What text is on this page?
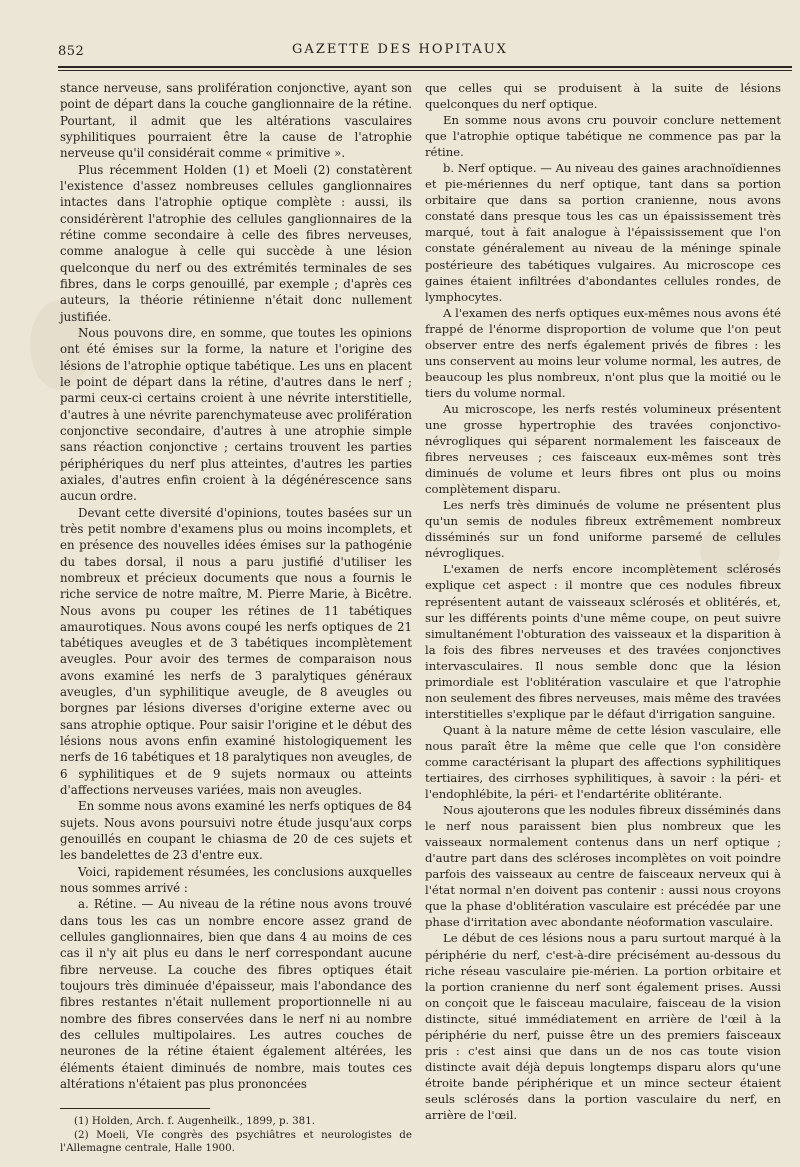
852	GAZETTE DES HOPITAUX

stance nerveuse, sans prolifération conjonctive, ayant son point de départ dans la couche ganglionnaire de la rétine. Pourtant, il admit que les altérations vasculaires syphilitiques pourraient être la cause de l'atrophie nerveuse qu'il considérait comme « primitive ».

Plus récemment Holden (1) et Moeli (2) constatèrent l'existence d'assez nombreuses cellules ganglionnaires intactes dans l'atrophie optique complète : aussi, ils considérèrent l'atrophie des cellules ganglionnaires de la rétine comme secondaire à celle des fibres nerveuses, comme analogue à celle qui succède à une lésion quelconque du nerf ou des extrémités terminales de ses fibres, dans le corps genouillé, par exemple ; d'après ces auteurs, la théorie rétinienne n'était donc nullement justifiée.

Nous pouvons dire, en somme, que toutes les opinions ont été émises sur la forme, la nature et l'origine des lésions de l'atrophie optique tabétique. Les uns en placent le point de départ dans la rétine, d'autres dans le nerf ; parmi ceux-ci certains croient à une névrite interstitielle, d'autres à une névrite parenchymateuse avec prolifération conjonctive secondaire, d'autres à une atrophie simple sans réaction conjonctive ; certains trouvent les parties périphériques du nerf plus atteintes, d'autres les parties axiales, d'autres enfin croient à la dégénérescence sans aucun ordre.

Devant cette diversité d'opinions, toutes basées sur un très petit nombre d'examens plus ou moins incomplets, et en présence des nouvelles idées émises sur la pathogénie du tabes dorsal, il nous a paru justifié d'utiliser les nombreux et précieux documents que nous a fournis le riche service de notre maître, M. Pierre Marie, à Bicêtre. Nous avons pu couper les rétines de 11 tabétiques amaurotiques. Nous avons coupé les nerfs optiques de 21 tabétiques aveugles et de 3 tabétiques incomplètement aveugles. Pour avoir des termes de comparaison nous avons examiné les nerfs de 3 paralytiques généraux aveugles, d'un syphilitique aveugle, de 8 aveugles ou borgnes par lésions diverses d'origine externe avec ou sans atrophie optique. Pour saisir l'origine et le début des lésions nous avons enfin examiné histologiquement les nerfs de 16 tabétiques et 18 paralytiques non aveugles, de 6 syphilitiques et de 9 sujets normaux ou atteints d'affections nerveuses variées, mais non aveugles.

En somme nous avons examiné les nerfs optiques de 84 sujets. Nous avons poursuivi notre étude jusqu'aux corps genouillés en coupant le chiasma de 20 de ces sujets et les bandelettes de 23 d'entre eux.

Voici, rapidement résumées, les conclusions auxquelles nous sommes arrivé :

a. Rétine. — Au niveau de la rétine nous avons trouvé dans tous les cas un nombre encore assez grand de cellules ganglionnaires, bien que dans 4 au moins de ces cas il n'y ait plus eu dans le nerf correspondant aucune fibre nerveuse. La couche des fibres optiques était toujours très diminuée d'épaisseur, mais l'abondance des fibres restantes n'était nullement proportionnelle ni au nombre des fibres conservées dans le nerf ni au nombre des cellules multipolaires. Les autres couches de neurones de la rétine étaient également altérées, les éléments étaient diminués de nombre, mais toutes ces altérations n'étaient pas plus prononcées

(1) Holden, Arch. f. Augenheilk., 1899, p. 381.
(2) Moeli, VIe congrès des psychiâtres et neurologistes de l'Allemagne centrale, Halle 1900.

que celles qui se produisent à la suite de lésions quelconques du nerf optique.

En somme nous avons cru pouvoir conclure nettement que l'atrophie optique tabétique ne commence pas par la rétine.

b. Nerf optique. — Au niveau des gaines arachnoïdiennes et pie-mériennes du nerf optique, tant dans sa portion orbitaire que dans sa portion cranienne, nous avons constaté dans presque tous les cas un épaississement très marqué, tout à fait analogue à l'épaississement que l'on constate généralement au niveau de la méninge spinale postérieure des tabétiques vulgaires. Au microscope ces gaines étaient infiltrées d'abondantes cellules rondes, de lymphocytes.

A l'examen des nerfs optiques eux-mêmes nous avons été frappé de l'énorme disproportion de volume que l'on peut observer entre des nerfs également privés de fibres : les uns conservent au moins leur volume normal, les autres, de beaucoup les plus nombreux, n'ont plus que la moitié ou le tiers du volume normal.

Au microscope, les nerfs restés volumineux présentent une grosse hypertrophie des travées conjonctivo-névrogliques qui séparent normalement les faisceaux de fibres nerveuses ; ces faisceaux eux-mêmes sont très diminués de volume et leurs fibres ont plus ou moins complètement disparu.

Les nerfs très diminués de volume ne présentent plus qu'un semis de nodules fibreux extrêmement nombreux disséminés sur un fond uniforme parsemé de cellules névrogliques.

L'examen de nerfs encore incomplètement sclérosés explique cet aspect : il montre que ces nodules fibreux représentent autant de vaisseaux sclérosés et oblitérés, et, sur les différents points d'une même coupe, on peut suivre simultanément l'obturation des vaisseaux et la disparition à la fois des fibres nerveuses et des travées conjonctives intervasculaires. Il nous semble donc que la lésion primordiale est l'oblitération vasculaire et que l'atrophie non seulement des fibres nerveuses, mais même des travées interstitielles s'explique par le défaut d'irrigation sanguine.

Quant à la nature même de cette lésion vasculaire, elle nous paraît être la même que celle que l'on considère comme caractérisant la plupart des affections syphilitiques tertiaires, des cirrhoses syphilitiques, à savoir : la péri- et l'endophlébite, la péri- et l'endartérite oblitérante.

Nous ajouterons que les nodules fibreux disséminés dans le nerf nous paraissent bien plus nombreux que les vaisseaux normalement contenus dans un nerf optique ; d'autre part dans des scléroses incomplètes on voit poindre parfois des vaisseaux au centre de faisceaux nerveux qui à l'état normal n'en doivent pas contenir : aussi nous croyons que la phase d'oblitération vasculaire est précédée par une phase d'irritation avec abondante néoformation vasculaire.

Le début de ces lésions nous a paru surtout marqué à la périphérie du nerf, c'est-à-dire précisément au-dessous du riche réseau vasculaire pie-mérien. La portion orbitaire et la portion cranienne du nerf sont également prises. Aussi on conçoit que le faisceau maculaire, faisceau de la vision distincte, situé immédiatement en arrière de l'œil à la périphérie du nerf, puisse être un des premiers faisceaux pris : c'est ainsi que dans un de nos cas toute vision distincte avait déjà depuis longtemps disparu alors qu'une étroite bande périphérique et un mince secteur étaient seuls sclérosés dans la portion vasculaire du nerf, en arrière de l'œil.
